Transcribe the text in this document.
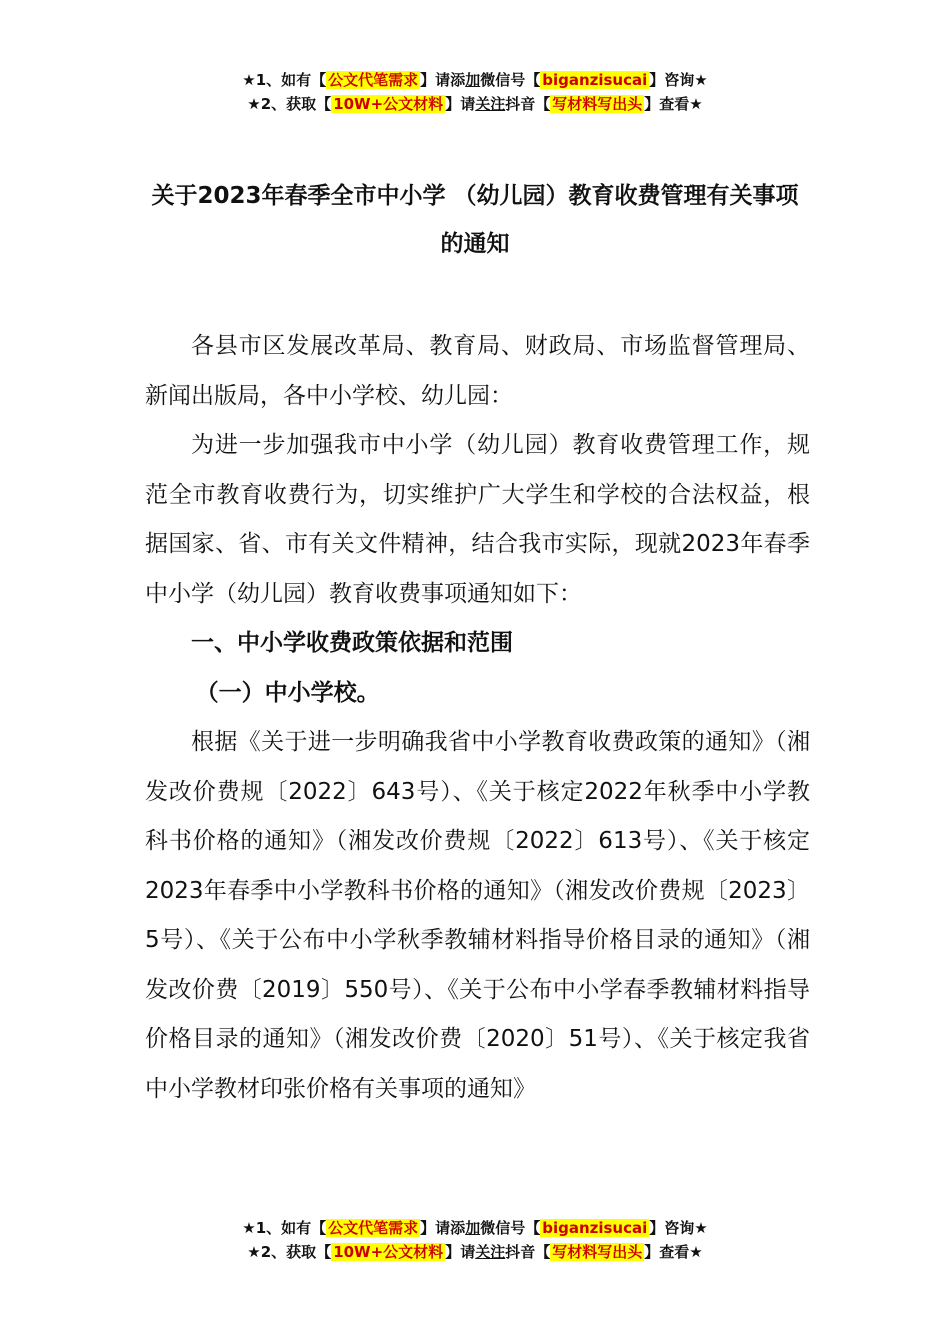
★1、如有【 公文代笔需求 】请添加微信号【 biganzisucai 】咨询★
★2、获取【 10W+公文材料 】请关注抖音【 写材料写出头 】查看★
关于2023年春季全市中小学 （幼儿园）教育收费管理有关事项的通知

各县市区发展改革局、教育局、财政局、市场监督管理局、新闻出版局，各中小学校、幼儿园：

为进一步加强我市中小学（幼儿园）教育收费管理工作，规范全市教育收费行为，切实维护广大学生和学校的合法权益，根据国家、省、市有关文件精神，结合我市实际，现就2023年春季中小学（幼儿园）教育收费事项通知如下：

一、中小学收费政策依据和范围

（一）中小学校。

根据《关于进一步明确我省中小学教育收费政策的通知》（湘发改价费规〔2022〕643号）、《关于核定2022年秋季中小学教科书价格的通知》（湘发改价费规〔2022〕613号）、《关于核定2023年春季中小学教科书价格的通知》（湘发改价费规〔2023〕5号）、《关于公布中小学秋季教辅材料指导价格目录的通知》（湘发改价费〔2019〕550号）、《关于公布中小学春季教辅材料指导价格目录的通知》（湘发改价费〔2020〕51号）、《关于核定我省中小学教材印张价格有关事项的通知》

★1、如有【 公文代笔需求 】请添加微信号【 biganzisucai 】咨询★
★2、获取【 10W+公文材料 】请关注抖音【 写材料写出头 】查看★
